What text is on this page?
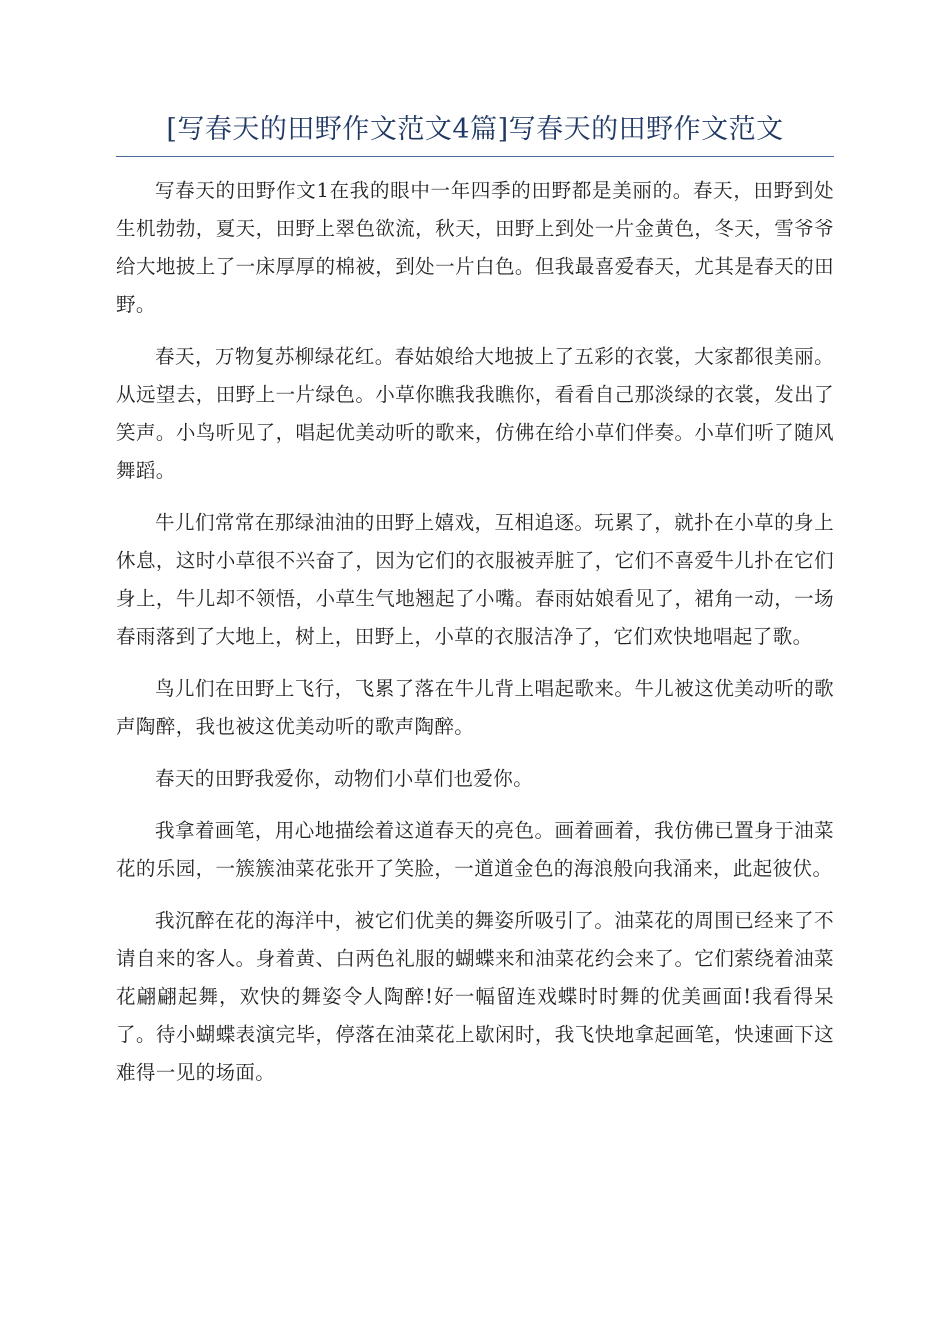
[写春天的田野作文范文4篇]写春天的田野作文范文

写春天的田野作文1在我的眼中一年四季的田野都是美丽的。春天，田野到处生机勃勃，夏天，田野上翠色欲流，秋天，田野上到处一片金黄色，冬天，雪爷爷给大地披上了一床厚厚的棉被，到处一片白色。但我最喜爱春天，尤其是春天的田野。

春天，万物复苏柳绿花红。春姑娘给大地披上了五彩的衣裳，大家都很美丽。从远望去，田野上一片绿色。小草你瞧我我瞧你，看看自己那淡绿的衣裳，发出了笑声。小鸟听见了，唱起优美动听的歌来，仿佛在给小草们伴奏。小草们听了随风舞蹈。

牛儿们常常在那绿油油的田野上嬉戏，互相追逐。玩累了，就扑在小草的身上休息，这时小草很不兴奋了，因为它们的衣服被弄脏了，它们不喜爱牛儿扑在它们身上，牛儿却不领悟，小草生气地翘起了小嘴。春雨姑娘看见了，裙角一动，一场春雨落到了大地上，树上，田野上，小草的衣服洁净了，它们欢快地唱起了歌。

鸟儿们在田野上飞行，飞累了落在牛儿背上唱起歌来。牛儿被这优美动听的歌声陶醉，我也被这优美动听的歌声陶醉。

春天的田野我爱你，动物们小草们也爱你。

我拿着画笔，用心地描绘着这道春天的亮色。画着画着，我仿佛已置身于油菜花的乐园，一簇簇油菜花张开了笑脸，一道道金色的海浪般向我涌来，此起彼伏。

我沉醉在花的海洋中，被它们优美的舞姿所吸引了。油菜花的周围已经来了不请自来的客人。身着黄、白两色礼服的蝴蝶来和油菜花约会来了。它们萦绕着油菜花翩翩起舞，欢快的舞姿令人陶醉!好一幅留连戏蝶时时舞的优美画面!我看得呆了。待小蝴蝶表演完毕，停落在油菜花上歇闲时，我飞快地拿起画笔，快速画下这难得一见的场面。
